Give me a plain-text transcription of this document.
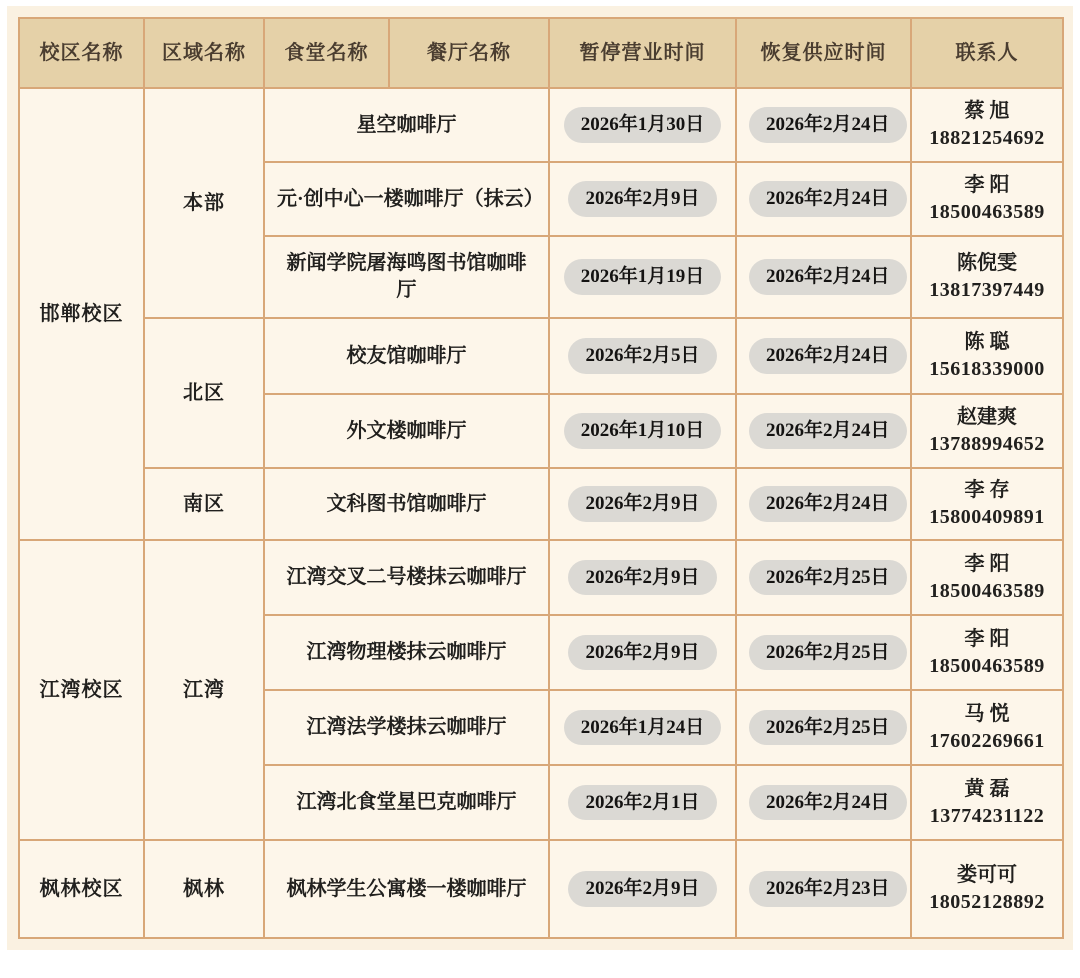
校区名称	区域名称	食堂名称	餐厅名称	暂停营业时间	恢复供应时间	联系人
邯郸校区	本部	星空咖啡厅		2026年1月30日	2026年2月24日	蔡 旭
18821254692

		元·创中心一楼咖啡厅（抹云）		2026年2月9日	2026年2月24日	李 阳
18500463589

		新闻学院屠海鸣图书馆咖啡厅		2026年1月19日	2026年2月24日	陈倪雯
13817397449

	北区	校友馆咖啡厅		2026年2月5日	2026年2月24日	陈 聪
15618339000

		外文楼咖啡厅		2026年1月10日	2026年2月24日	赵建爽
13788994652

	南区	文科图书馆咖啡厅		2026年2月9日	2026年2月24日	李 存
15800409891

江湾校区	江湾	江湾交叉二号楼抹云咖啡厅		2026年2月9日	2026年2月25日	李 阳
18500463589

		江湾物理楼抹云咖啡厅		2026年2月9日	2026年2月25日	李 阳
18500463589

		江湾法学楼抹云咖啡厅		2026年1月24日	2026年2月25日	马 悦
17602269661

		江湾北食堂星巴克咖啡厅		2026年2月1日	2026年2月24日	黄 磊
13774231122

枫林校区	枫林	枫林学生公寓楼一楼咖啡厅		2026年2月9日	2026年2月23日	娄可可
18052128892
